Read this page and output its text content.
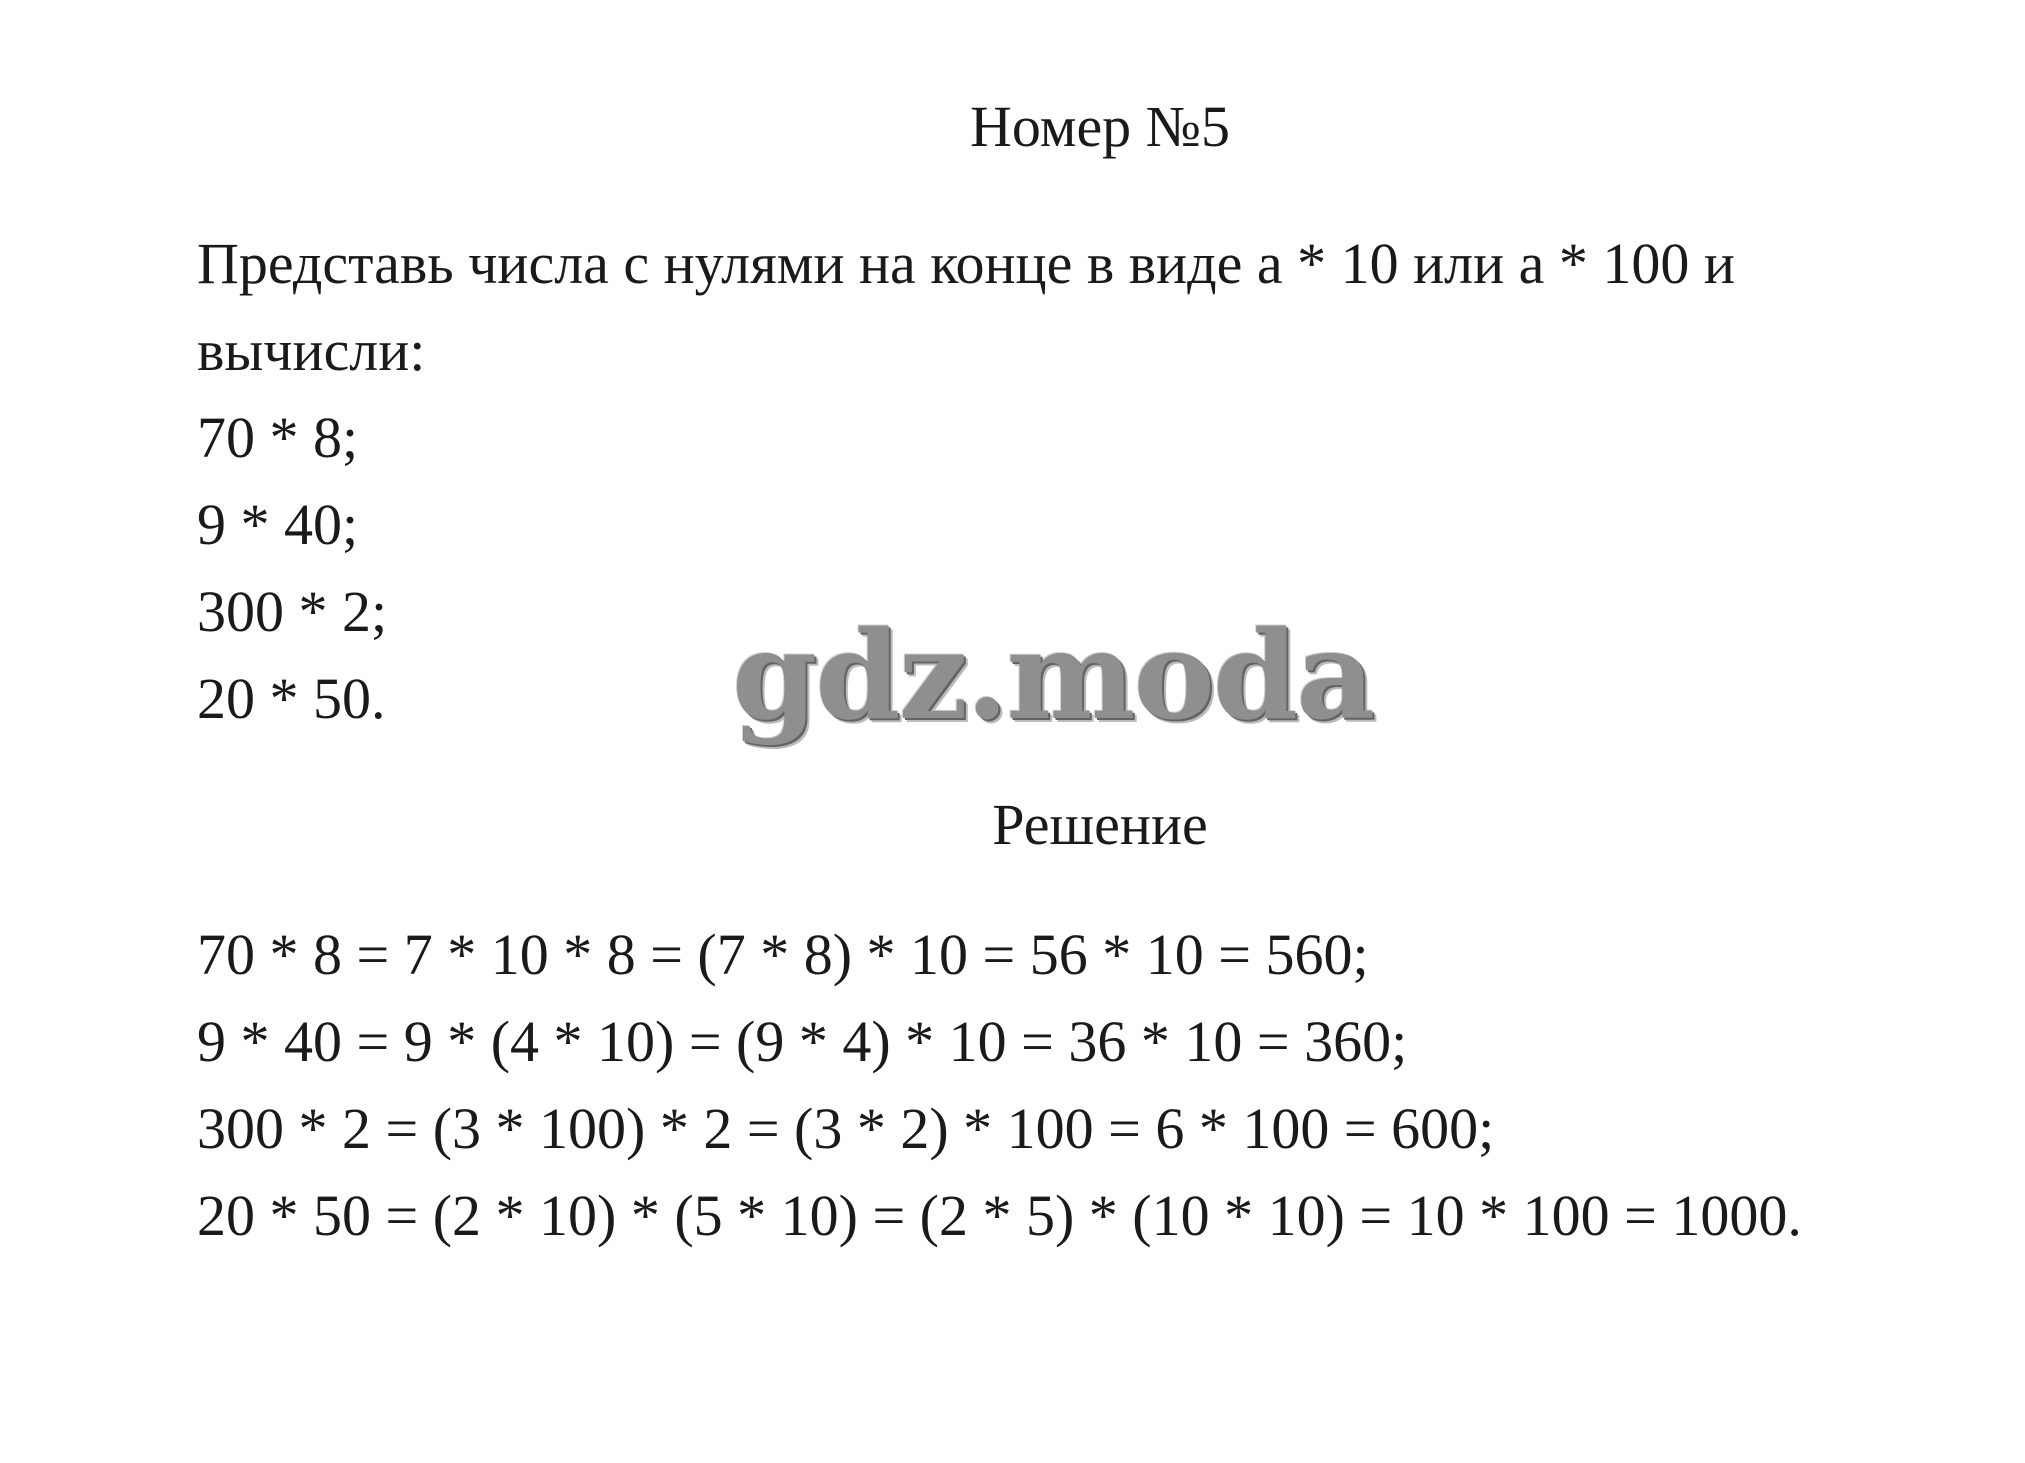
Номер №5
Представь числа с нулями на конце в виде а * 10 или а * 100 и
вычисли:
70 * 8;
9 * 40;
300 * 2;
20 * 50.	gdz.moda
Решение
70 * 8 = 7 * 10 * 8 = (7 * 8) * 10 = 56 * 10 = 560;
9 * 40 = 9 * (4 * 10) = (9 * 4) * 10 = 36 * 10 = 360;
300 * 2 = (3 * 100) * 2 = (3 * 2) * 100 = 6 * 100 = 600;
20 * 50 = (2 * 10) * (5 * 10) = (2 * 5) * (10 * 10) = 10 * 100 = 1000.
